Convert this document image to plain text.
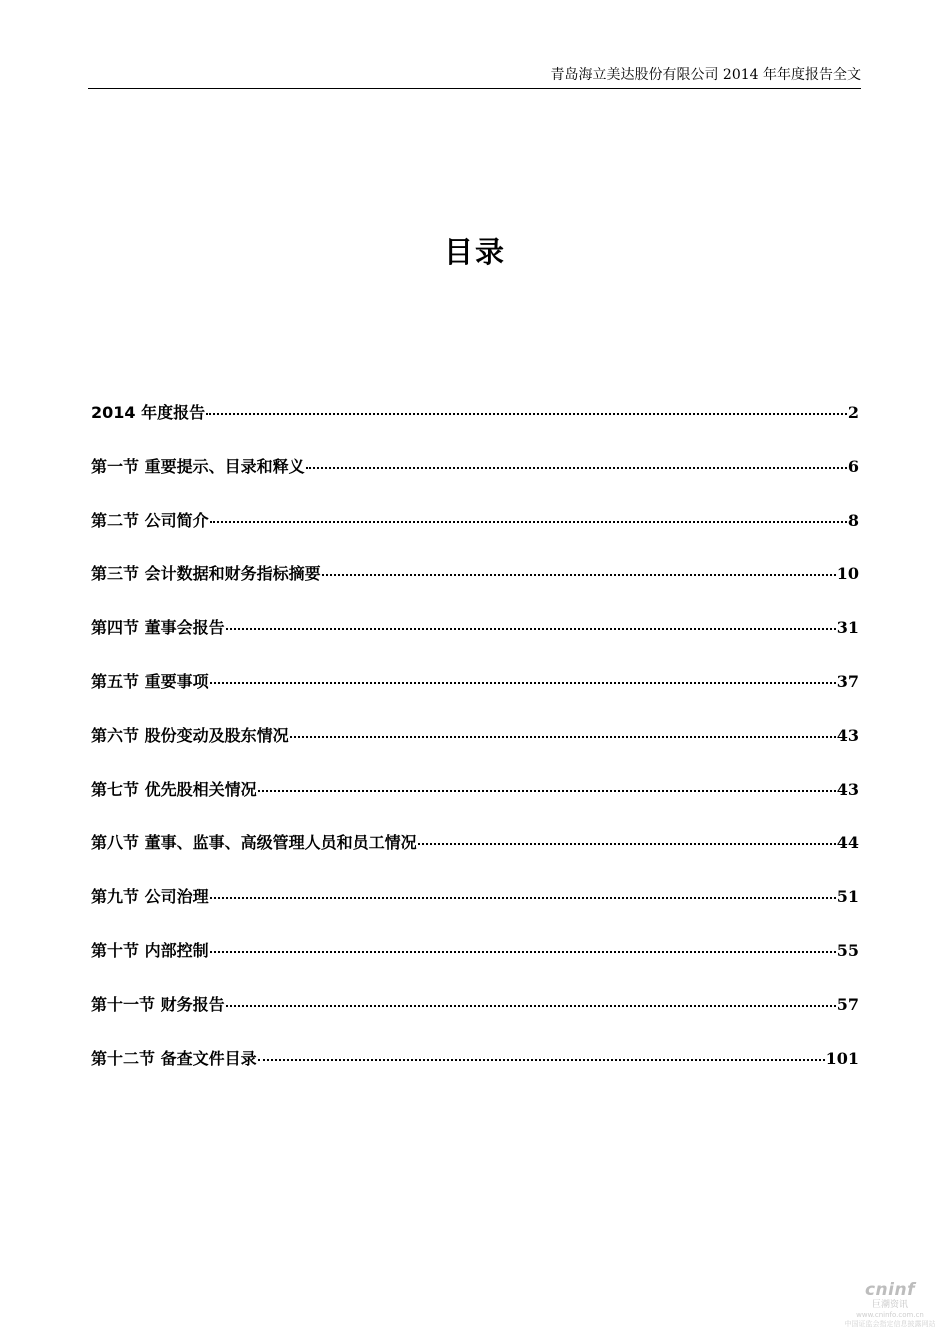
青岛海立美达股份有限公司 2014 年年度报告全文
目录
2014 年度报告	2
第一节 重要提示、目录和释义	6
第二节 公司简介	8
第三节 会计数据和财务指标摘要	10
第四节 董事会报告	31
第五节 重要事项	37
第六节 股份变动及股东情况	43
第七节 优先股相关情况	43
第八节 董事、监事、高级管理人员和员工情况	44
第九节 公司治理	51
第十节 内部控制	55
第十一节 财务报告	57
第十二节 备查文件目录	101
cninf
巨潮资讯
www.cninfo.com.cn
中国证监会指定信息披露网站
